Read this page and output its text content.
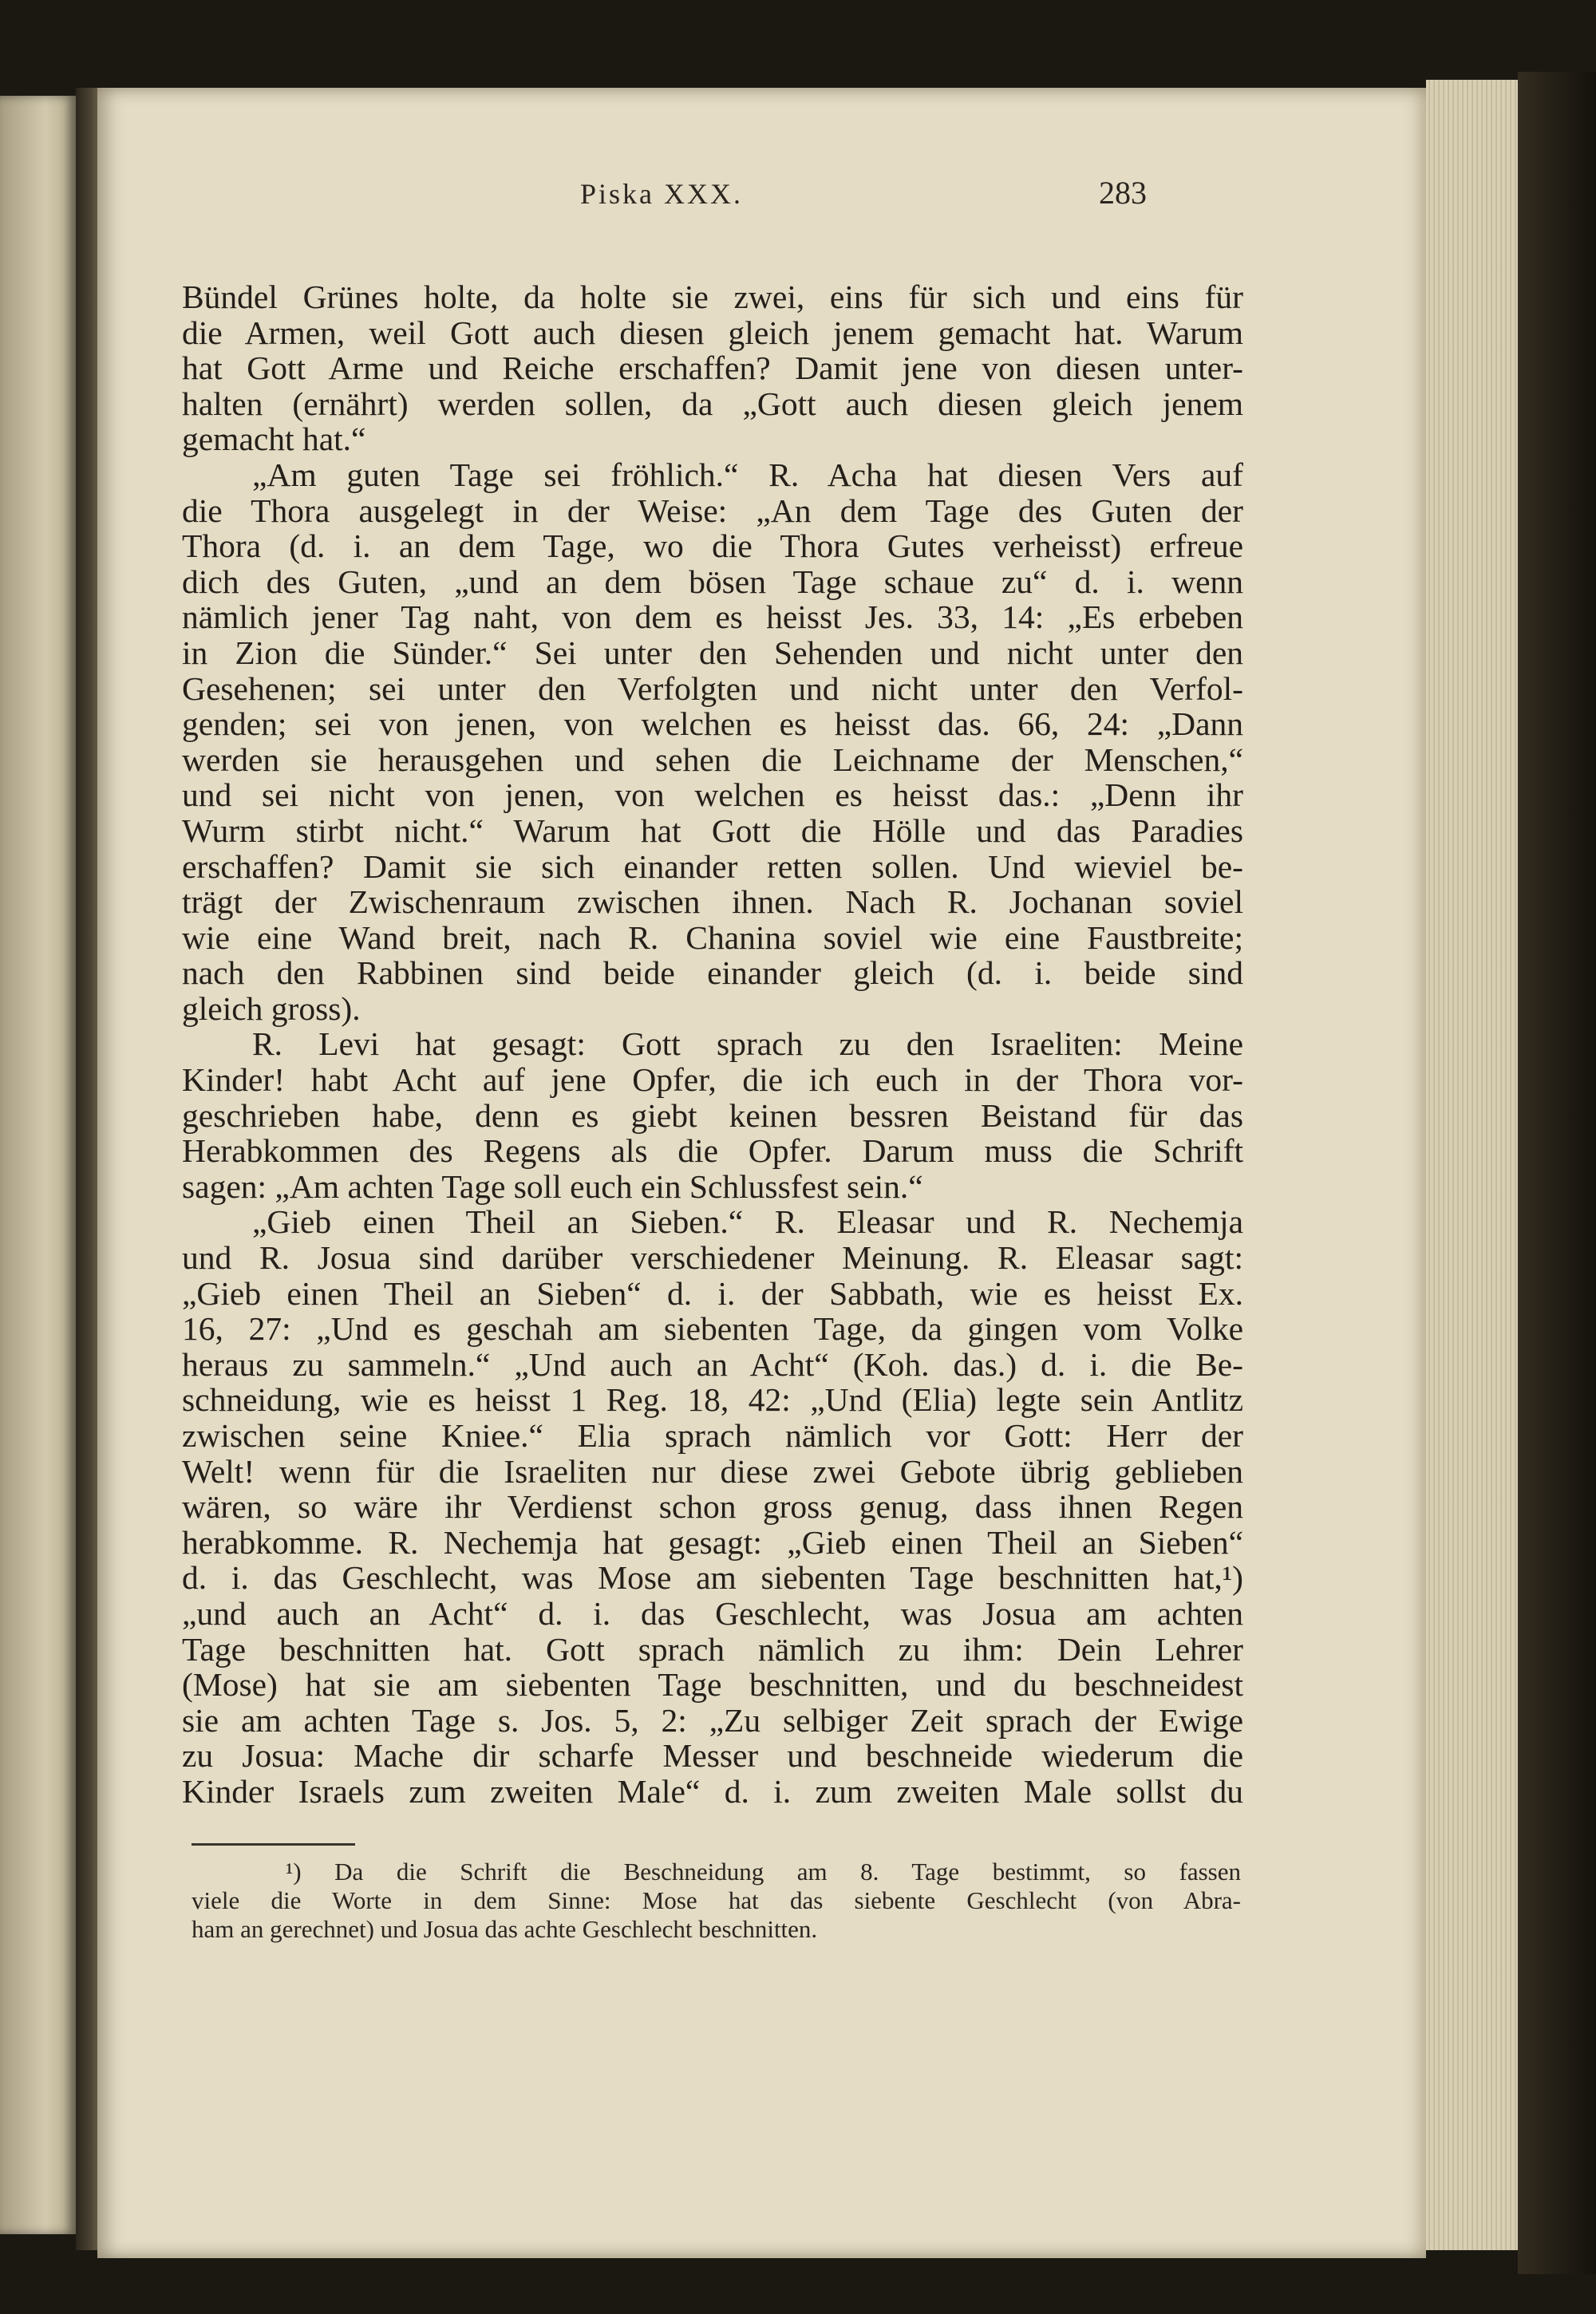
Piska XXX.	283
Bündel Grünes holte, da holte sie zwei, eins für sich und eins für
die Armen, weil Gott auch diesen gleich jenem gemacht hat. Warum
hat Gott Arme und Reiche erschaffen? Damit jene von diesen unter-
halten (ernährt) werden sollen, da „Gott auch diesen gleich jenem
gemacht hat.“
„Am guten Tage sei fröhlich.“ R. Acha hat diesen Vers auf
die Thora ausgelegt in der Weise: „An dem Tage des Guten der
Thora (d. i. an dem Tage, wo die Thora Gutes verheisst) erfreue
dich des Guten, „und an dem bösen Tage schaue zu“ d. i. wenn
nämlich jener Tag naht, von dem es heisst Jes. 33, 14: „Es erbeben
in Zion die Sünder.“ Sei unter den Sehenden und nicht unter den
Gesehenen; sei unter den Verfolgten und nicht unter den Verfol-
genden; sei von jenen, von welchen es heisst das. 66, 24: „Dann
werden sie herausgehen und sehen die Leichname der Menschen,“
und sei nicht von jenen, von welchen es heisst das.: „Denn ihr
Wurm stirbt nicht.“ Warum hat Gott die Hölle und das Paradies
erschaffen? Damit sie sich einander retten sollen. Und wieviel be-
trägt der Zwischenraum zwischen ihnen. Nach R. Jochanan soviel
wie eine Wand breit, nach R. Chanina soviel wie eine Faustbreite;
nach den Rabbinen sind beide einander gleich (d. i. beide sind
gleich gross).
R. Levi hat gesagt: Gott sprach zu den Israeliten: Meine
Kinder! habt Acht auf jene Opfer, die ich euch in der Thora vor-
geschrieben habe, denn es giebt keinen bessren Beistand für das
Herabkommen des Regens als die Opfer. Darum muss die Schrift
sagen: „Am achten Tage soll euch ein Schlussfest sein.“
„Gieb einen Theil an Sieben.“ R. Eleasar und R. Nechemja
und R. Josua sind darüber verschiedener Meinung. R. Eleasar sagt:
„Gieb einen Theil an Sieben“ d. i. der Sabbath, wie es heisst Ex.
16, 27: „Und es geschah am siebenten Tage, da gingen vom Volke
heraus zu sammeln.“ „Und auch an Acht“ (Koh. das.) d. i. die Be-
schneidung, wie es heisst 1 Reg. 18, 42: „Und (Elia) legte sein Antlitz
zwischen seine Kniee.“ Elia sprach nämlich vor Gott: Herr der
Welt! wenn für die Israeliten nur diese zwei Gebote übrig geblieben
wären, so wäre ihr Verdienst schon gross genug, dass ihnen Regen
herabkomme. R. Nechemja hat gesagt: „Gieb einen Theil an Sieben“
d. i. das Geschlecht, was Mose am siebenten Tage beschnitten hat,¹)
„und auch an Acht“ d. i. das Geschlecht, was Josua am achten
Tage beschnitten hat. Gott sprach nämlich zu ihm: Dein Lehrer
(Mose) hat sie am siebenten Tage beschnitten, und du beschneidest
sie am achten Tage s. Jos. 5, 2: „Zu selbiger Zeit sprach der Ewige
zu Josua: Mache dir scharfe Messer und beschneide wiederum die
Kinder Israels zum zweiten Male“ d. i. zum zweiten Male sollst du
¹) Da die Schrift die Beschneidung am 8. Tage bestimmt, so fassen
viele die Worte in dem Sinne: Mose hat das siebente Geschlecht (von Abra-
ham an gerechnet) und Josua das achte Geschlecht beschnitten.
